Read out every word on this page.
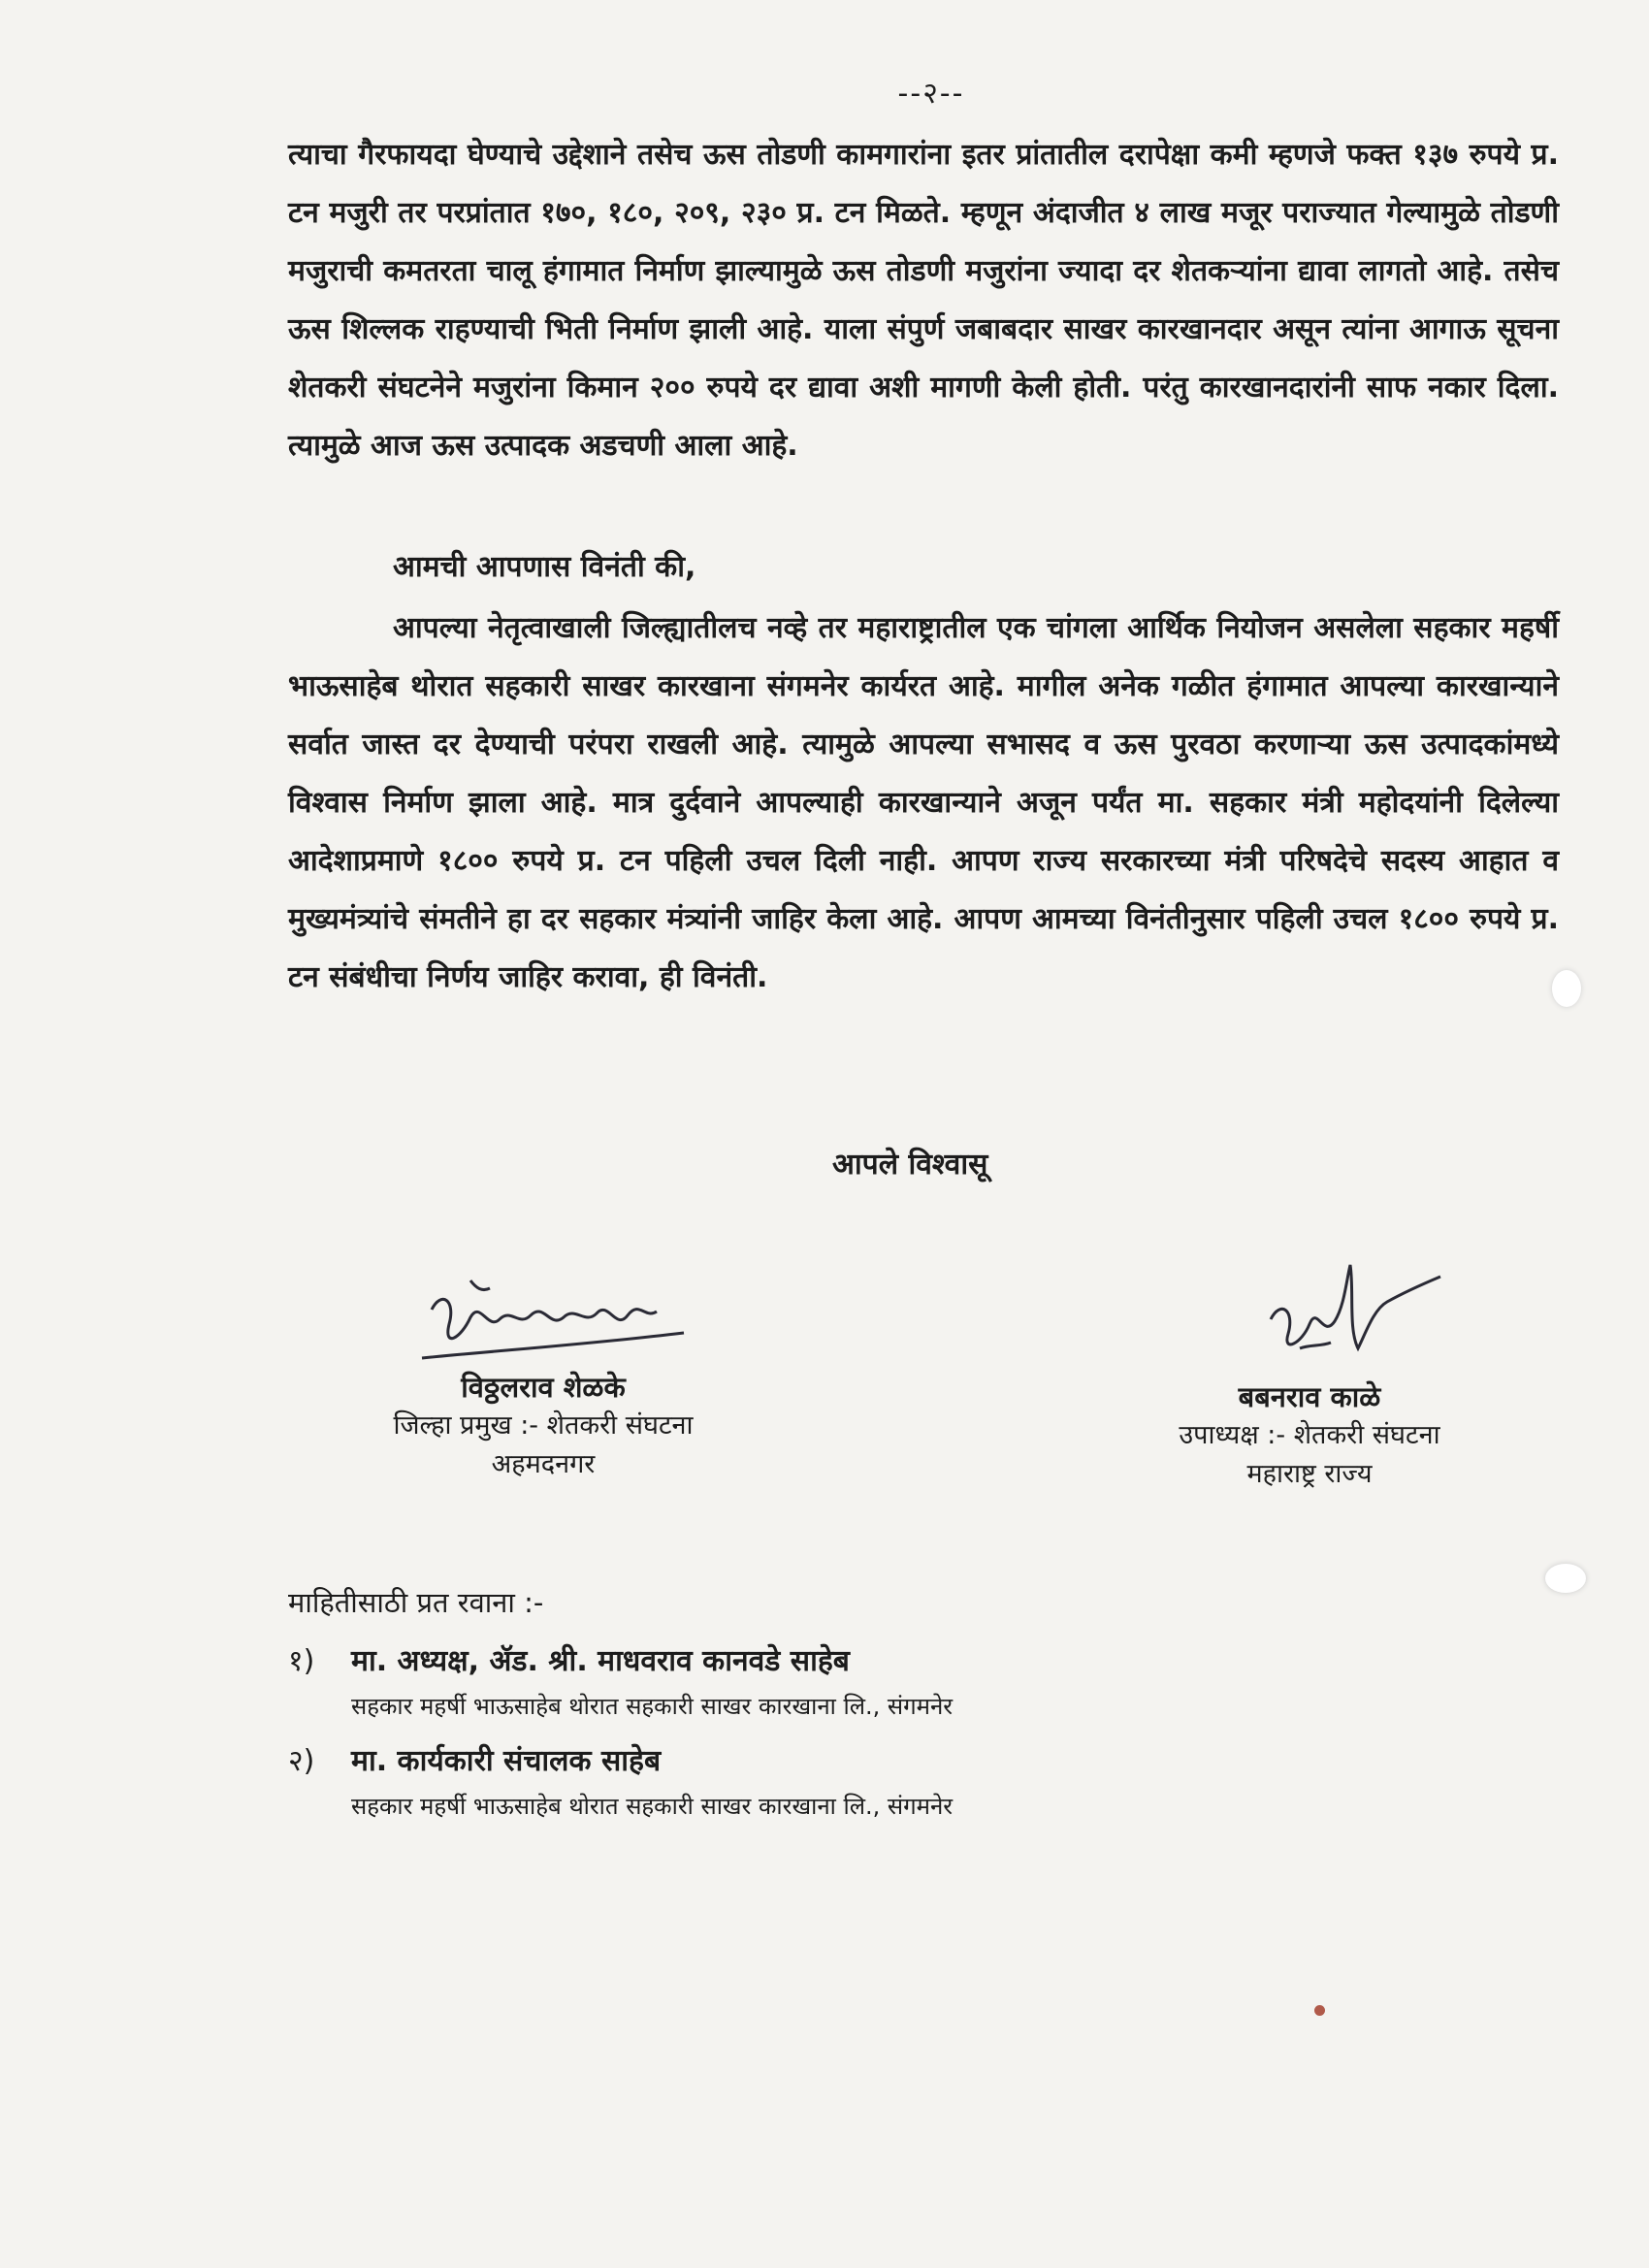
--२--

त्याचा गैरफायदा घेण्याचे उद्देशाने तसेच ऊस तोडणी कामगारांना इतर प्रांतातील दरापेक्षा कमी म्हणजे फक्त १३७ रुपये प्र. टन मजुरी तर परप्रांतात १७०, १८०, २०९, २३० प्र. टन मिळते. म्हणून अंदाजीत ४ लाख मजूर पराज्यात गेल्यामुळे तोडणी मजुराची कमतरता चालू हंगामात निर्माण झाल्यामुळे ऊस तोडणी मजुरांना ज्यादा दर शेतकऱ्यांना द्यावा लागतो आहे. तसेच ऊस शिल्लक राहण्याची भिती निर्माण झाली आहे. याला संपुर्ण जबाबदार साखर कारखानदार असून त्यांना आगाऊ सूचना शेतकरी संघटनेने मजुरांना किमान २०० रुपये दर द्यावा अशी मागणी केली होती. परंतु कारखानदारांनी साफ नकार दिला. त्यामुळे आज ऊस उत्पादक अडचणी आला आहे.

आमची आपणास विनंती की,

आपल्या नेतृत्वाखाली जिल्ह्यातीलच नव्हे तर महाराष्ट्रातील एक चांगला आर्थिक नियोजन असलेला सहकार महर्षी भाऊसाहेब थोरात सहकारी साखर कारखाना संगमनेर कार्यरत आहे. मागील अनेक गळीत हंगामात आपल्या कारखान्याने सर्वात जास्त दर देण्याची परंपरा राखली आहे. त्यामुळे आपल्या सभासद व ऊस पुरवठा करणाऱ्या ऊस उत्पादकांमध्ये विश्वास निर्माण झाला आहे. मात्र दुर्दवाने आपल्याही कारखान्याने अजून पर्यंत मा. सहकार मंत्री महोदयांनी दिलेल्या आदेशाप्रमाणे १८०० रुपये प्र. टन पहिली उचल दिली नाही. आपण राज्य सरकारच्या मंत्री परिषदेचे सदस्य आहात व मुख्यमंत्र्यांचे संमतीने हा दर सहकार मंत्र्यांनी जाहिर केला आहे. आपण आमच्या विनंतीनुसार पहिली उचल १८०० रुपये प्र. टन संबंधीचा निर्णय जाहिर करावा, ही विनंती.

आपले विश्वासू
विठ्ठलराव शेळके
जिल्हा प्रमुख :- शेतकरी संघटना
अहमदनगर
बबनराव काळे
उपाध्यक्ष :- शेतकरी संघटना
महाराष्ट्र राज्य
माहितीसाठी प्रत रवाना :-
१) मा. अध्यक्ष, ॲड. श्री. माधवराव कानवडे साहेब
सहकार महर्षी भाऊसाहेब थोरात सहकारी साखर कारखाना लि., संगमनेर
२) मा. कार्यकारी संचालक साहेब
सहकार महर्षी भाऊसाहेब थोरात सहकारी साखर कारखाना लि., संगमनेर
